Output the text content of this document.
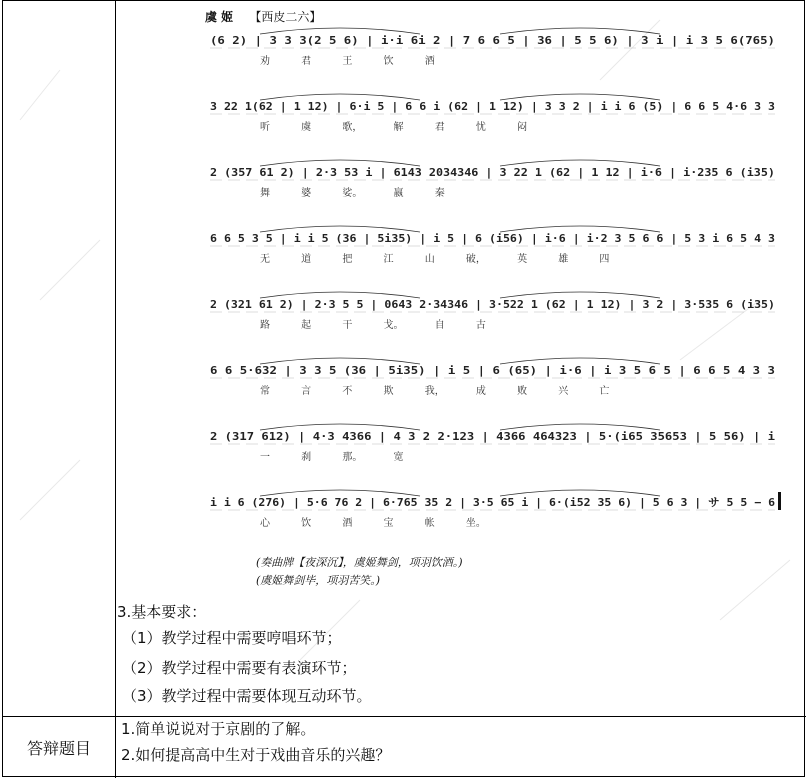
答辩题目
1.简单说说对于京剧的了解。
2.如何提高高中生对于戏曲音乐的兴趣？
虞 姬 【西皮二六】
(6 2) | 3 3 3(2 5 6) | i·i 6i 2 | 7 6 6 5 | 36 | 5 5 6) | 3 i | i 3 5 6(765)
劝 君 王 饮 酒
3 22 1(62 | 1 12) | 6·i 5 | 6 6 i (62 | 1 12) | 3 3 2 | i i 6 (5) | 6 6 5 4·6 3 3
听 虞 歌， 解 君 忧 闷
2 (357 61 2) | 2·3 53 i | 6143 2034346 | 3 22 1 (62 | 1 12 | i·6 | i·235 6 (i35)
舞 婆 娑。 嬴 秦
6 6 5 3 5 | i i 5 (36 | 5i35) | i 5 | 6 (i56) | i·6 | i·2 3 5 6 6 | 5 3 i 6 5 4 3
无 道 把 江 山 破， 英 雄 四
2 (321 61 2) | 2·3 5 5 | 0643 2·34346 | 3·522 1 (62 | 1 12) | 3 2 | 3·535 6 (i35)
路 起 干 戈。 自 古
6 6 5·632 | 3 3 5 (36 | 5i35) | i 5 | 6 (65) | i·6 | i 3 5 6 5 | 6 6 5 4 3 3
常 言 不 欺 我， 成 败 兴 亡
2 (317 612) | 4·3 4366 | 4 3 2 2·123 | 4366 464323 | 5·(i65 35653 | 5 56) | i
一 刹 那。 宽
i i 6 (276) | 5·6 76 2 | 6·765 35 2 | 3·5 65 i | 6·(i52 35 6) | 5 6 3 | サ 5 5 − 6
心 饮 酒 宝 帐 坐。
(奏曲牌【夜深沉】，虞姬舞剑，项羽饮酒。)
(虞姬舞剑毕，项羽苦笑。)
3.基本要求：
（1）教学过程中需要哼唱环节；
（2）教学过程中需要有表演环节；
（3）教学过程中需要体现互动环节。
